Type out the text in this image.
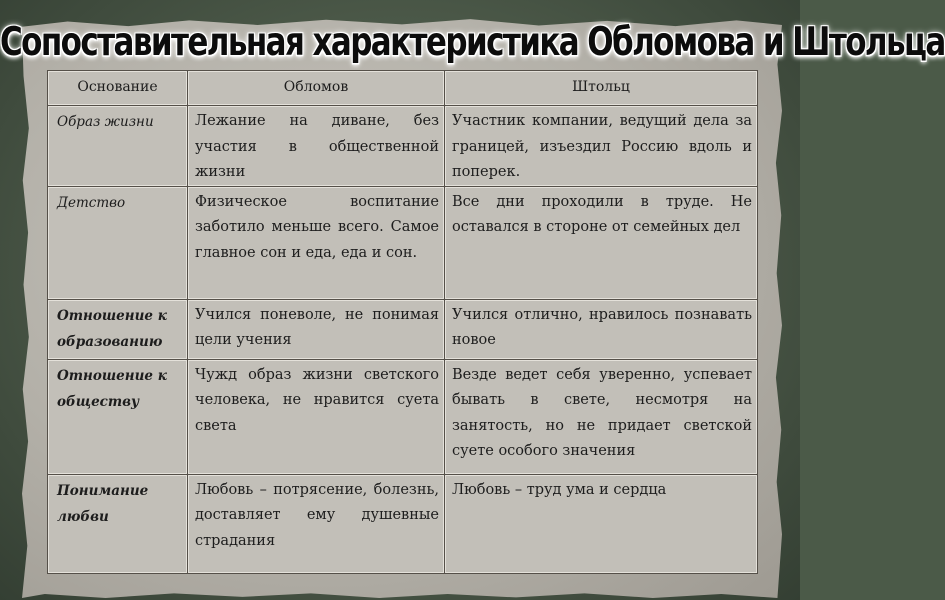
Сопоставительная характеристика Обломова и Штольца
Основание	Обломов	Штольц
Образ жизни	Лежание на диване, без участия в общественной жизни	Участник компании, ведущий дела за границей, изъездил Россию вдоль и поперек.
Детство	Физическое воспитание заботило меньше всего. Самое главное сон и еда, еда и сон.	Все дни проходили в труде. Не оставался в стороне от семейных дел
Отношение к образованию	Учился поневоле, не понимая цели учения	Учился отлично, нравилось познавать новое
Отношение к обществу	Чужд образ жизни светского человека, не нравится суета света	Везде ведет себя уверенно, успевает бывать в свете, несмотря на занятость, но не придает светской суете особого значения
Понимание любви	Любовь – потрясение, болезнь, доставляет ему душевные страдания	Любовь – труд ума и сердца
